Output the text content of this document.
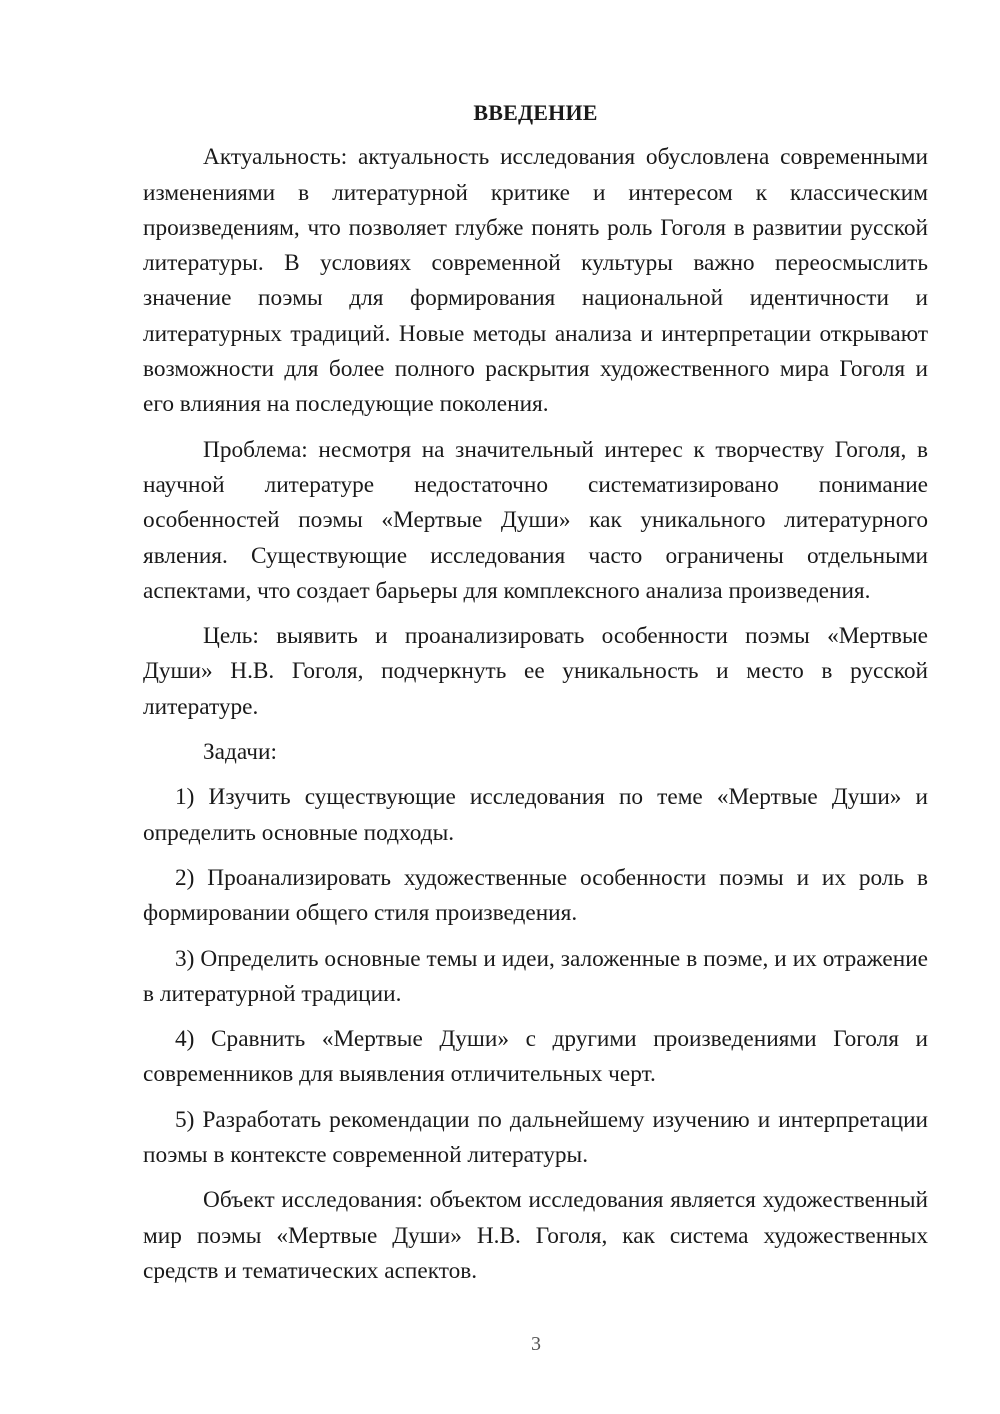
ВВЕДЕНИЕ

Актуальность: актуальность исследования обусловлена современными изменениями в литературной критике и интересом к классическим произведениям, что позволяет глубже понять роль Гоголя в развитии русской литературы. В условиях современной культуры важно переосмыслить значение поэмы для формирования национальной идентичности и литературных традиций. Новые методы анализа и интерпретации открывают возможности для более полного раскрытия художественного мира Гоголя и его влияния на последующие поколения.

Проблема: несмотря на значительный интерес к творчеству Гоголя, в научной литературе недостаточно систематизировано понимание особенностей поэмы «Мертвые Души» как уникального литературного явления. Существующие исследования часто ограничены отдельными аспектами, что создает барьеры для комплексного анализа произведения.

Цель: выявить и проанализировать особенности поэмы «Мертвые Души» Н.В. Гоголя, подчеркнуть ее уникальность и место в русской литературе.

Задачи:

1) Изучить существующие исследования по теме «Мертвые Души» и определить основные подходы.

2) Проанализировать художественные особенности поэмы и их роль в формировании общего стиля произведения.

3) Определить основные темы и идеи, заложенные в поэме, и их отражение в литературной традиции.

4) Сравнить «Мертвые Души» с другими произведениями Гоголя и современников для выявления отличительных черт.

5) Разработать рекомендации по дальнейшему изучению и интерпретации поэмы в контексте современной литературы.

Объект исследования: объектом исследования является художественный мир поэмы «Мертвые Души» Н.В. Гоголя, как система художественных средств и тематических аспектов.

3
